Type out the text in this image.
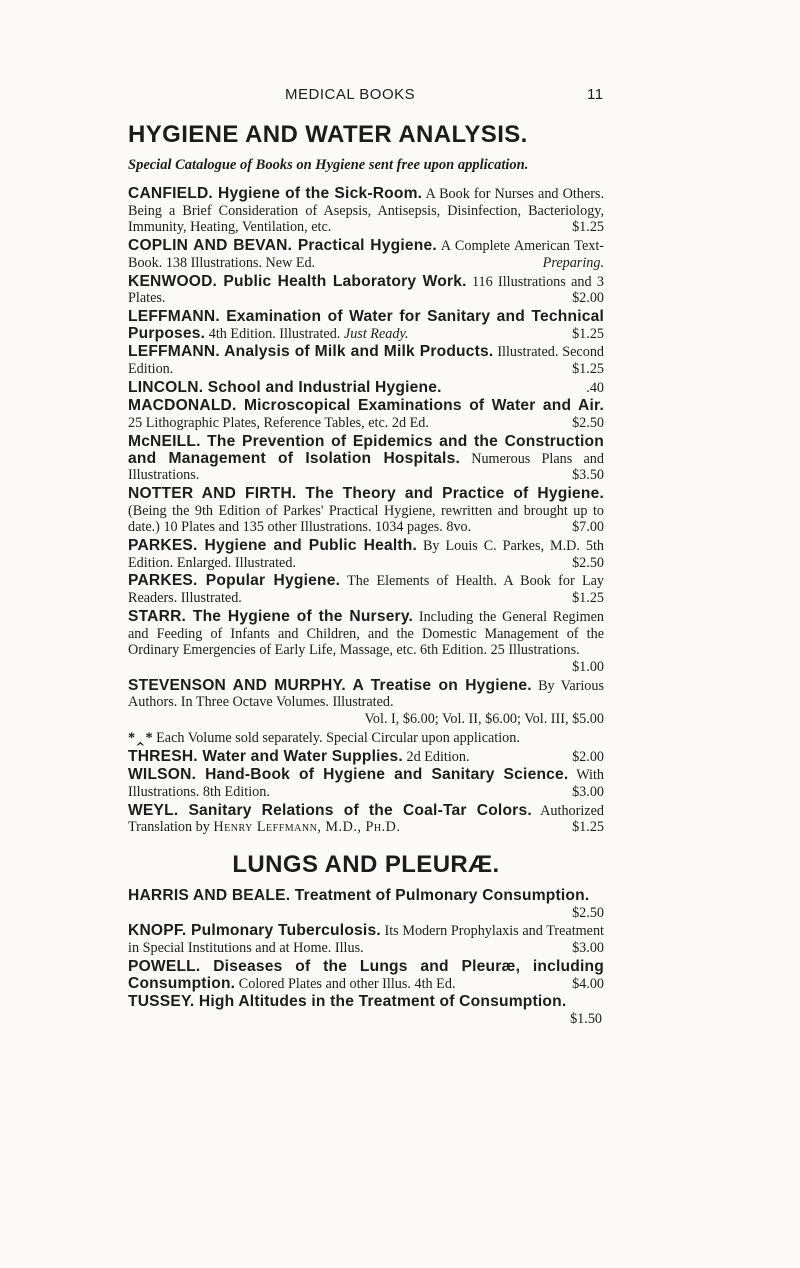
MEDICAL BOOKS	11
HYGIENE AND WATER ANALYSIS.
Special Catalogue of Books on Hygiene sent free upon application.

CANFIELD. Hygiene of the Sick-Room. A Book for Nurses and Others. Being a Brief Consideration of Asepsis, Antisepsis, Disinfection, Bacteriology, Immunity, Heating, Ventilation, etc.	$1.25

COPLIN AND BEVAN. Practical Hygiene. A Complete American Text-Book. 138 Illustrations. New Ed.	Preparing.

KENWOOD. Public Health Laboratory Work. 116 Illustrations and 3 Plates.	$2.00

LEFFMANN. Examination of Water for Sanitary and Technical Purposes. 4th Edition. Illustrated. Just Ready.	$1.25

LEFFMANN. Analysis of Milk and Milk Products. Illustrated. Second Edition.	$1.25

LINCOLN. School and Industrial Hygiene.	.40

MACDONALD. Microscopical Examinations of Water and Air. 25 Lithographic Plates, Reference Tables, etc. 2d Ed.	$2.50

McNEILL. The Prevention of Epidemics and the Construction and Management of Isolation Hospitals. Numerous Plans and Illustrations.	$3.50

NOTTER AND FIRTH. The Theory and Practice of Hygiene. (Being the 9th Edition of Parkes' Practical Hygiene, rewritten and brought up to date.) 10 Plates and 135 other Illustrations. 1034 pages. 8vo.	$7.00

PARKES. Hygiene and Public Health. By Louis C. Parkes, M.D. 5th Edition. Enlarged. Illustrated.	$2.50

PARKES. Popular Hygiene. The Elements of Health. A Book for Lay Readers. Illustrated.	$1.25

STARR. The Hygiene of the Nursery. Including the General Regimen and Feeding of Infants and Children, and the Domestic Management of the Ordinary Emergencies of Early Life, Massage, etc. 6th Edition. 25 Illustrations.
$1.00

STEVENSON AND MURPHY. A Treatise on Hygiene. By Various Authors. In Three Octave Volumes. Illustrated.
Vol. I, $6.00; Vol. II, $6.00; Vol. III, $5.00

*‸* Each Volume sold separately. Special Circular upon application.

THRESH. Water and Water Supplies. 2d Edition.	$2.00

WILSON. Hand-Book of Hygiene and Sanitary Science. With Illustrations. 8th Edition.	$3.00

WEYL. Sanitary Relations of the Coal-Tar Colors. Authorized Translation by Henry Leffmann, M.D., Ph.D.	$1.25

LUNGS AND PLEURÆ.

HARRIS AND BEALE. Treatment of Pulmonary Consumption.
$2.50

KNOPF. Pulmonary Tuberculosis. Its Modern Prophylaxis and Treatment in Special Institutions and at Home. Illus.	$3.00

POWELL. Diseases of the Lungs and Pleuræ, including Consumption. Colored Plates and other Illus. 4th Ed.	$4.00

TUSSEY. High Altitudes in the Treatment of Consumption.
$1.50
